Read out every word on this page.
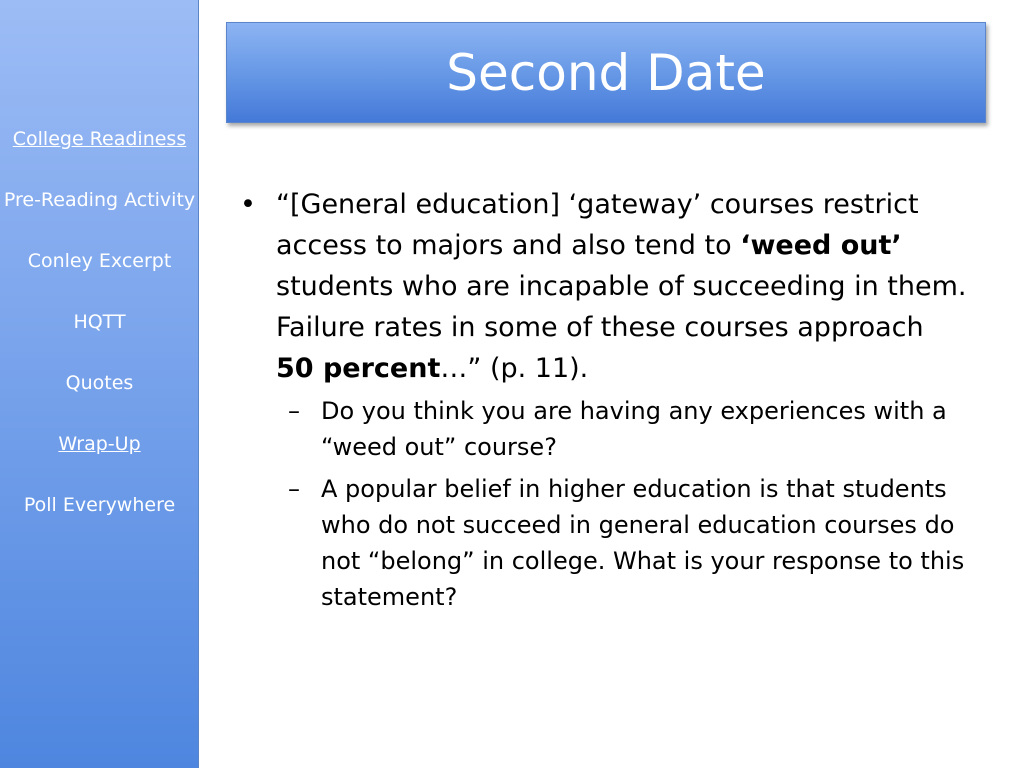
College Readiness
Pre-Reading Activity
Conley Excerpt
HQTT
Quotes
Wrap-Up
Poll Everywhere
Second Date
• “[General education] ‘gateway’ courses restrict access to majors and also tend to ‘weed out’ students who are incapable of succeeding in them. Failure rates in some of these courses approach 50 percent…” (p. 11).
– Do you think you are having any experiences with a “weed out” course?
– A popular belief in higher education is that students who do not succeed in general education courses do not “belong” in college. What is your response to this statement?
